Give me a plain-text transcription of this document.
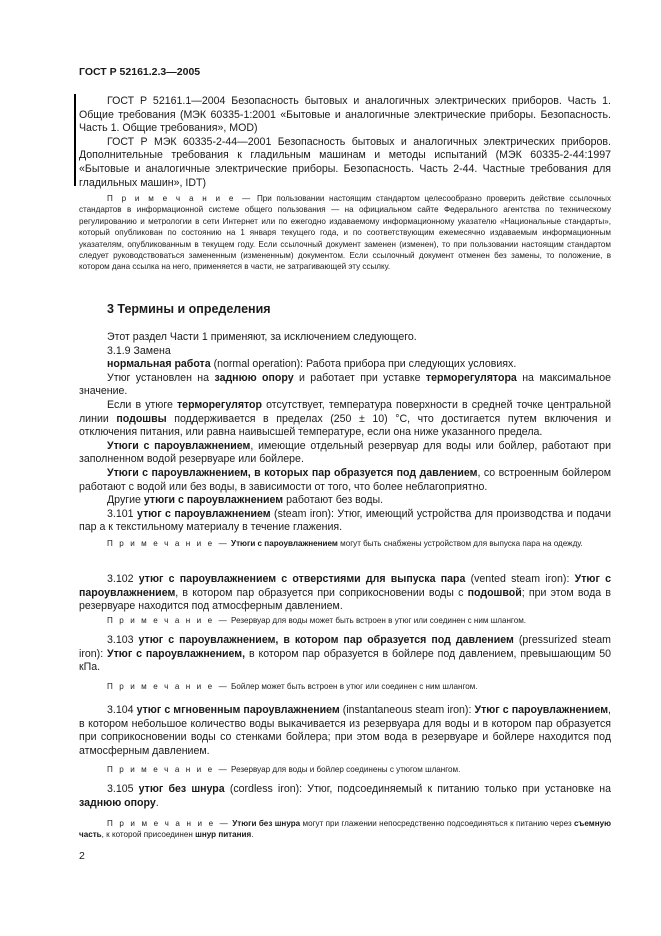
ГОСТ Р 52161.2.3—2005

ГОСТ Р 52161.1—2004 Безопасность бытовых и аналогичных электрических приборов. Часть 1. Общие требования (МЭК 60335-1:2001 «Бытовые и аналогичные электрические приборы. Безопасность. Часть 1. Общие требования», MOD)

ГОСТ Р МЭК 60335-2-44—2001 Безопасность бытовых и аналогичных электрических приборов. Дополнительные требования к гладильным машинам и методы испытаний (МЭК 60335-2-44:1997 «Бытовые и аналогичные электрические приборы. Безопасность. Часть 2-44. Частные требования для гладильных машин», IDT)

П р и м е ч а н и е — При пользовании настоящим стандартом целесообразно проверить действие ссылочных стандартов в информационной системе общего пользования — на официальном сайте Федерального агентства по техническому регулированию и метрологии в сети Интернет или по ежегодно издаваемому информационному указателю «Национальные стандарты», который опубликован по состоянию на 1 января текущего года, и по соответствующим ежемесячно издаваемым информационным указателям, опубликованным в текущем году. Если ссылочный документ заменен (изменен), то при пользовании настоящим стандартом следует руководствоваться замененным (измененным) документом. Если ссылочный документ отменен без замены, то положение, в котором дана ссылка на него, применяется в части, не затрагивающей эту ссылку.

3 Термины и определения

Этот раздел Части 1 применяют, за исключением следующего.

3.1.9 Замена

нормальная работа (normal operation): Работа прибора при следующих условиях.

Утюг установлен на заднюю опору и работает при уставке терморегулятора на максимальное значение.

Если в утюге терморегулятор отсутствует, температура поверхности в средней точке центральной линии подошвы поддерживается в пределах (250 ± 10) °С, что достигается путем включения и отключения питания, или равна наивысшей температуре, если она ниже указанного предела.

Утюги с пароувлажнением, имеющие отдельный резервуар для воды или бойлер, работают при заполненном водой резервуаре или бойлере.

Утюги с пароувлажнением, в которых пар образуется под давлением, со встроенным бойлером работают с водой или без воды, в зависимости от того, что более неблагоприятно.

Другие утюги с пароувлажнением работают без воды.

3.101 утюг с пароувлажнением (steam iron): Утюг, имеющий устройства для производства и подачи пар а к текстильному материалу в течение глажения.

П р и м е ч а н и е — Утюги с пароувлажнением могут быть снабжены устройством для выпуска пара на одежду.

3.102 утюг с пароувлажнением с отверстиями для выпуска пара (vented steam iron): Утюг с пароувлажнением, в котором пар образуется при соприкосновении воды с подошвой; при этом вода в резервуаре находится под атмосферным давлением.

П р и м е ч а н и е — Резервуар для воды может быть встроен в утюг или соединен с ним шлангом.

3.103 утюг с пароувлажнением, в котором пар образуется под давлением (pressurized steam iron): Утюг с пароувлажнением, в котором пар образуется в бойлере под давлением, превышающим 50 кПа.

П р и м е ч а н и е — Бойлер может быть встроен в утюг или соединен с ним шлангом.

3.104 утюг с мгновенным пароувлажнением (instantaneous steam iron): Утюг с пароувлажнением, в котором небольшое количество воды выкачивается из резервуара для воды и в котором пар образуется при соприкосновении воды со стенками бойлера; при этом вода в резервуаре и бойлере находится под атмосферным давлением.

П р и м е ч а н и е — Резервуар для воды и бойлер соединены с утюгом шлангом.

3.105 утюг без шнура (cordless iron): Утюг, подсоединяемый к питанию только при установке на заднюю опору.

П р и м е ч а н и е — Утюги без шнура могут при глажении непосредственно подсоединяться к питанию через съемную часть, к которой присоединен шнур питания.

2
